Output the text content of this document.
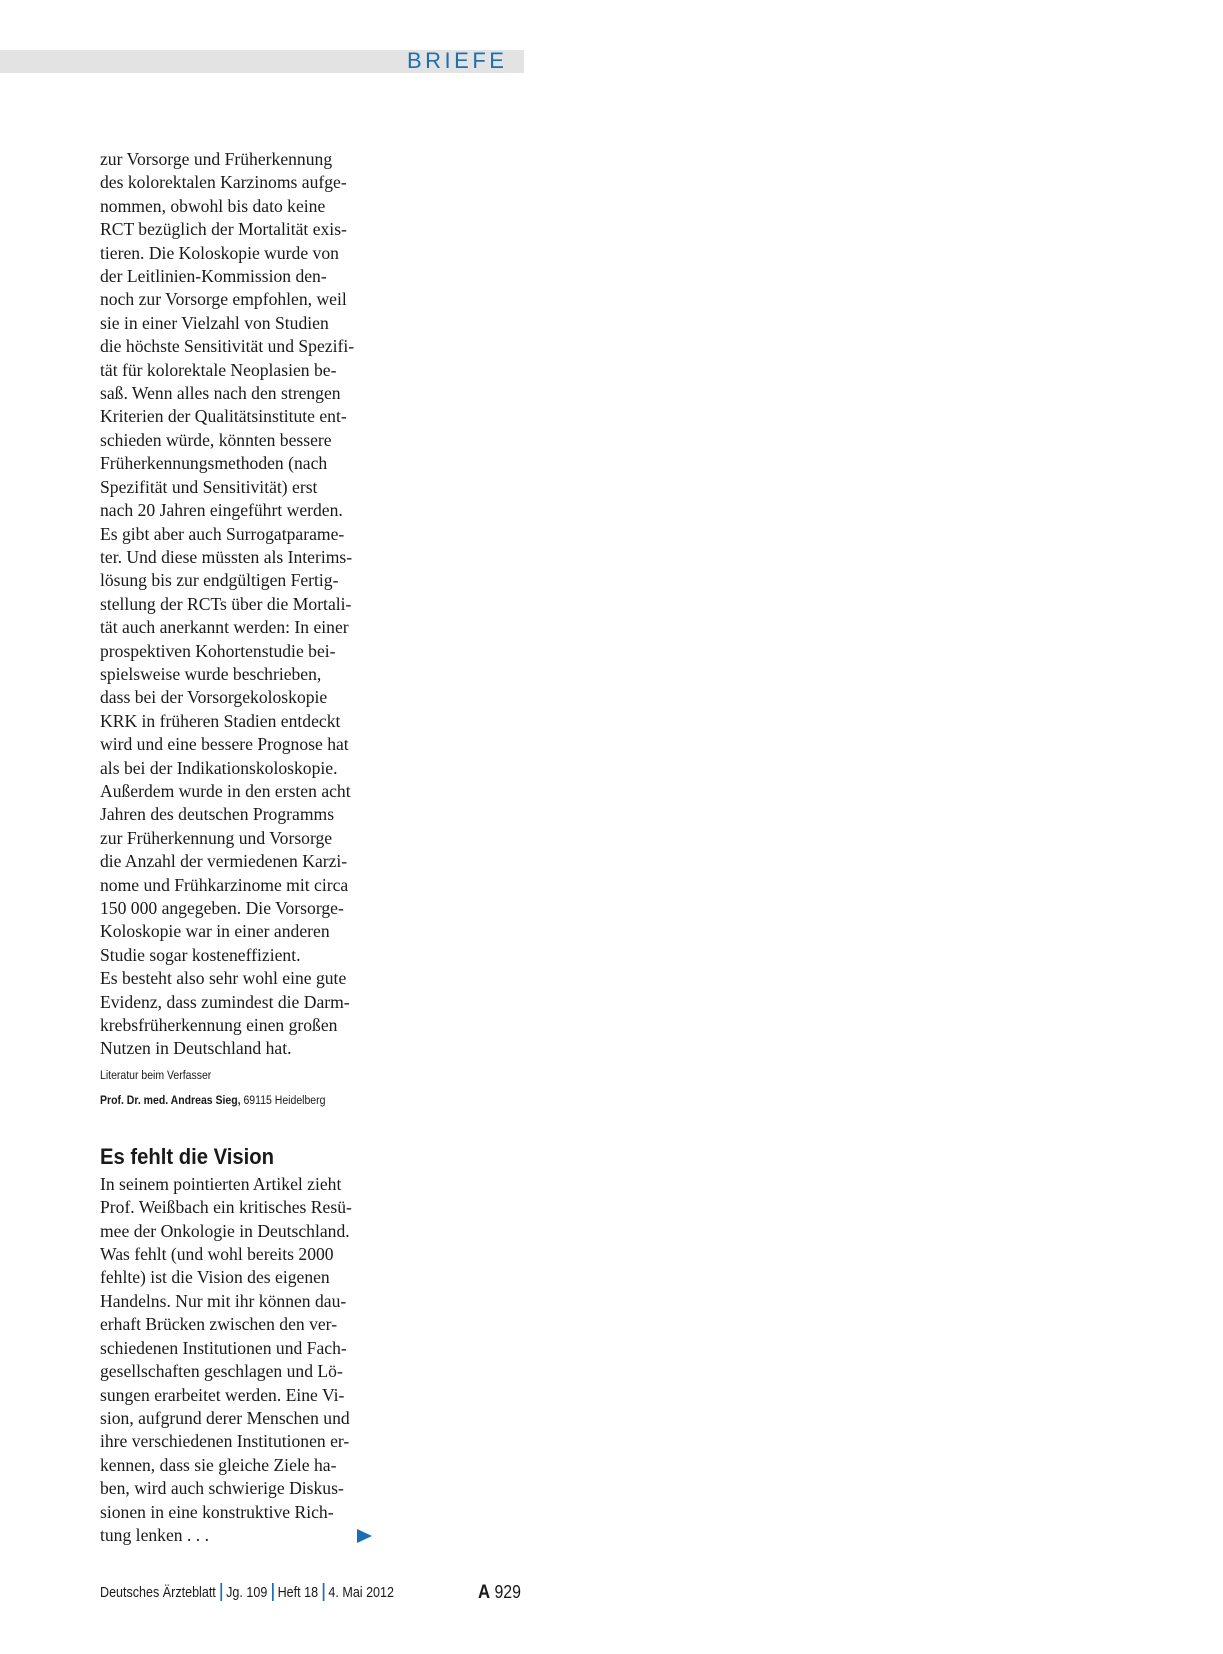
BRIEFE

zur Vorsorge und Früherkennung
des kolorektalen Karzinoms aufge-
nommen, obwohl bis dato keine
RCT bezüglich der Mortalität exis-
tieren. Die Koloskopie wurde von
der Leitlinien-Kommission den-
noch zur Vorsorge empfohlen, weil
sie in einer Vielzahl von Studien
die höchste Sensitivität und Spezifi-
tät für kolorektale Neoplasien be-
saß. Wenn alles nach den strengen
Kriterien der Qualitätsinstitute ent-
schieden würde, könnten bessere
Früherkennungsmethoden (nach
Spezifität und Sensitivität) erst
nach 20 Jahren eingeführt werden.
Es gibt aber auch Surrogatparame-
ter. Und diese müssten als Interims-
lösung bis zur endgültigen Fertig-
stellung der RCTs über die Mortali-
tät auch anerkannt werden: In einer
prospektiven Kohortenstudie bei-
spielsweise wurde beschrieben,
dass bei der Vorsorgekoloskopie
KRK in früheren Stadien entdeckt
wird und eine bessere Prognose hat
als bei der Indikationskoloskopie.
Außerdem wurde in den ersten acht
Jahren des deutschen Programms
zur Früherkennung und Vorsorge
die Anzahl der vermiedenen Karzi-
nome und Frühkarzinome mit circa
150 000 angegeben. Die Vorsorge-
Koloskopie war in einer anderen
Studie sogar kosteneffizient.
Es besteht also sehr wohl eine gute
Evidenz, dass zumindest die Darm-
krebsfrüherkennung einen großen
Nutzen in Deutschland hat.

Literatur beim Verfasser
Prof. Dr. med. Andreas Sieg, 69115 Heidelberg
Es fehlt die Vision

In seinem pointierten Artikel zieht
Prof. Weißbach ein kritisches Resü-
mee der Onkologie in Deutschland.
Was fehlt (und wohl bereits 2000
fehlte) ist die Vision des eigenen
Handelns. Nur mit ihr können dau-
erhaft Brücken zwischen den ver-
schiedenen Institutionen und Fach-
gesellschaften geschlagen und Lö-
sungen erarbeitet werden. Eine Vi-
sion, aufgrund derer Menschen und
ihre verschiedenen Institutionen er-
kennen, dass sie gleiche Ziele ha-
ben, wird auch schwierige Diskus-
sionen in eine konstruktive Rich-

tung lenken . . .

Deutsches Ärzteblatt Jg. 109 Heft 18 4. Mai 2012	A 929
